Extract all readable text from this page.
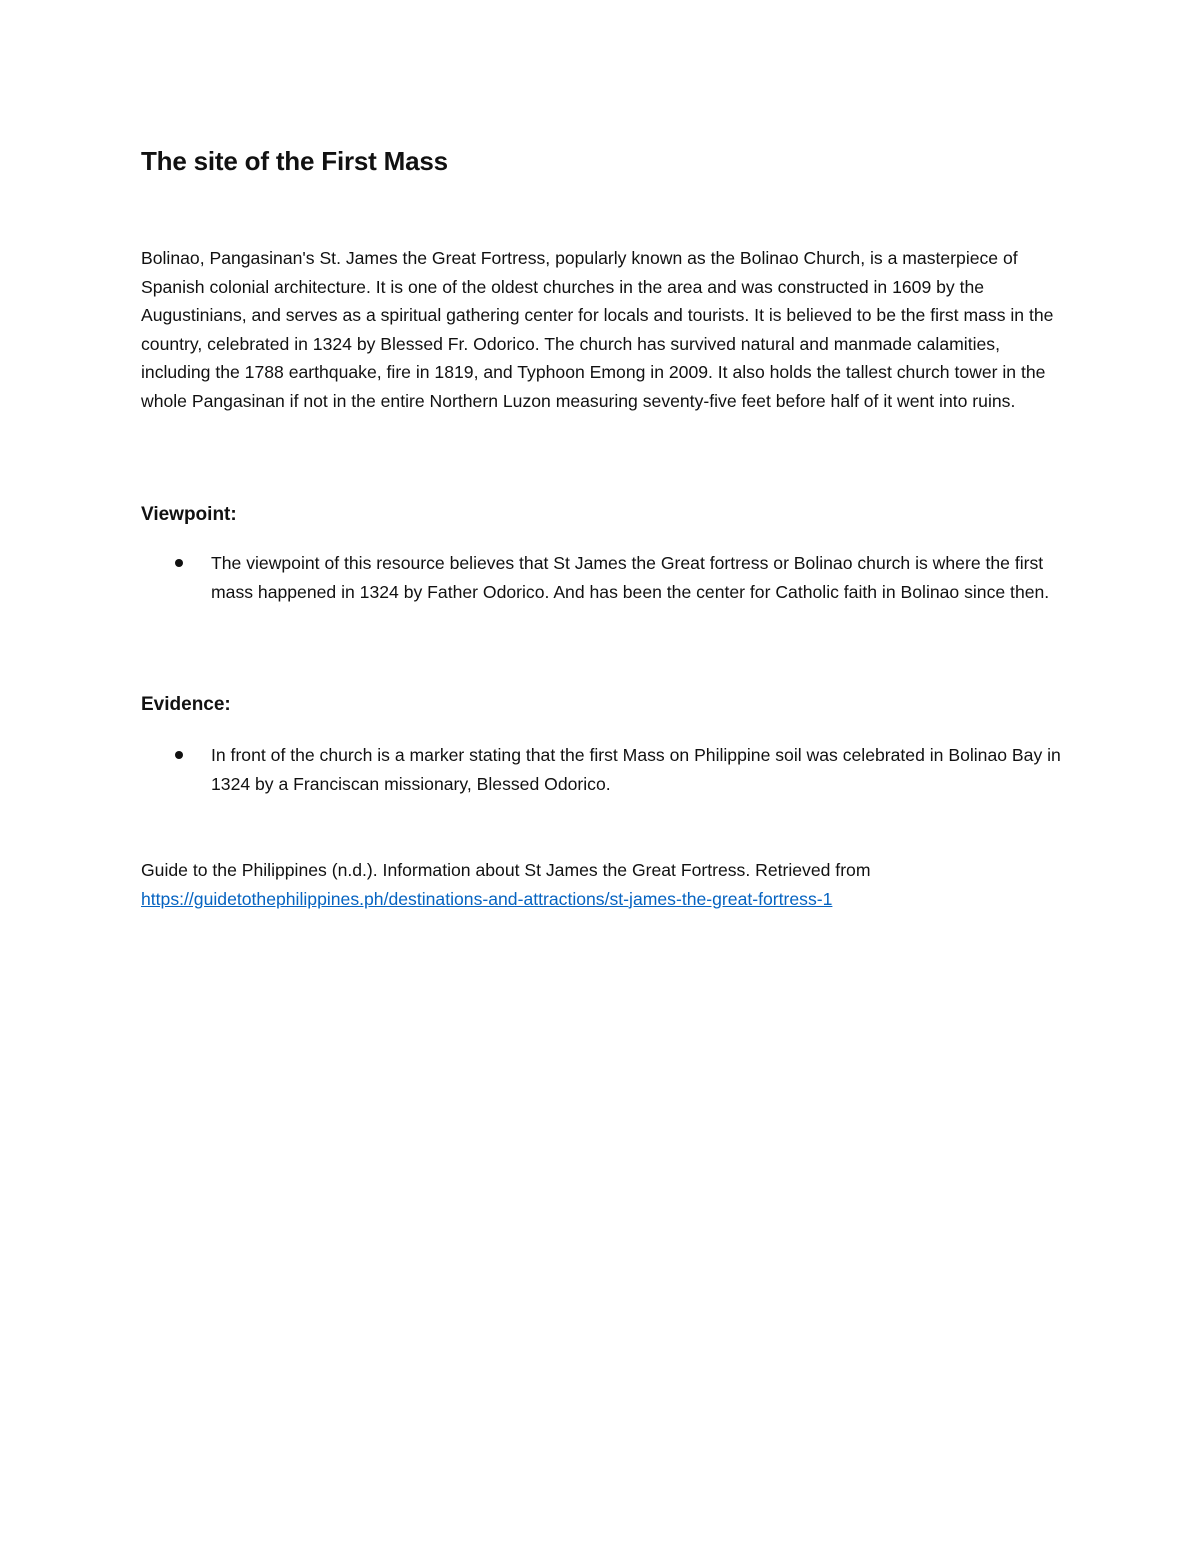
The site of the First Mass

Bolinao, Pangasinan's St. James the Great Fortress, popularly known as the Bolinao Church, is a masterpiece of Spanish colonial architecture. It is one of the oldest churches in the area and was constructed in 1609 by the Augustinians, and serves as a spiritual gathering center for locals and tourists. It is believed to be the first mass in the country, celebrated in 1324 by Blessed Fr. Odorico. The church has survived natural and manmade calamities, including the 1788 earthquake, fire in 1819, and Typhoon Emong in 2009. It also holds the tallest church tower in the whole Pangasinan if not in the entire Northern Luzon measuring seventy-five feet before half of it went into ruins.

Viewpoint:
The viewpoint of this resource believes that St James the Great fortress or Bolinao church is where the first mass happened in 1324 by Father Odorico. And has been the center for Catholic faith in Bolinao since then.
Evidence:
In front of the church is a marker stating that the first Mass on Philippine soil was celebrated in Bolinao Bay in 1324 by a Franciscan missionary, Blessed Odorico.

Guide to the Philippines (n.d.). Information about St James the Great Fortress. Retrieved from
https://guidetothephilippines.ph/destinations-and-attractions/st-james-the-great-fortress-1
